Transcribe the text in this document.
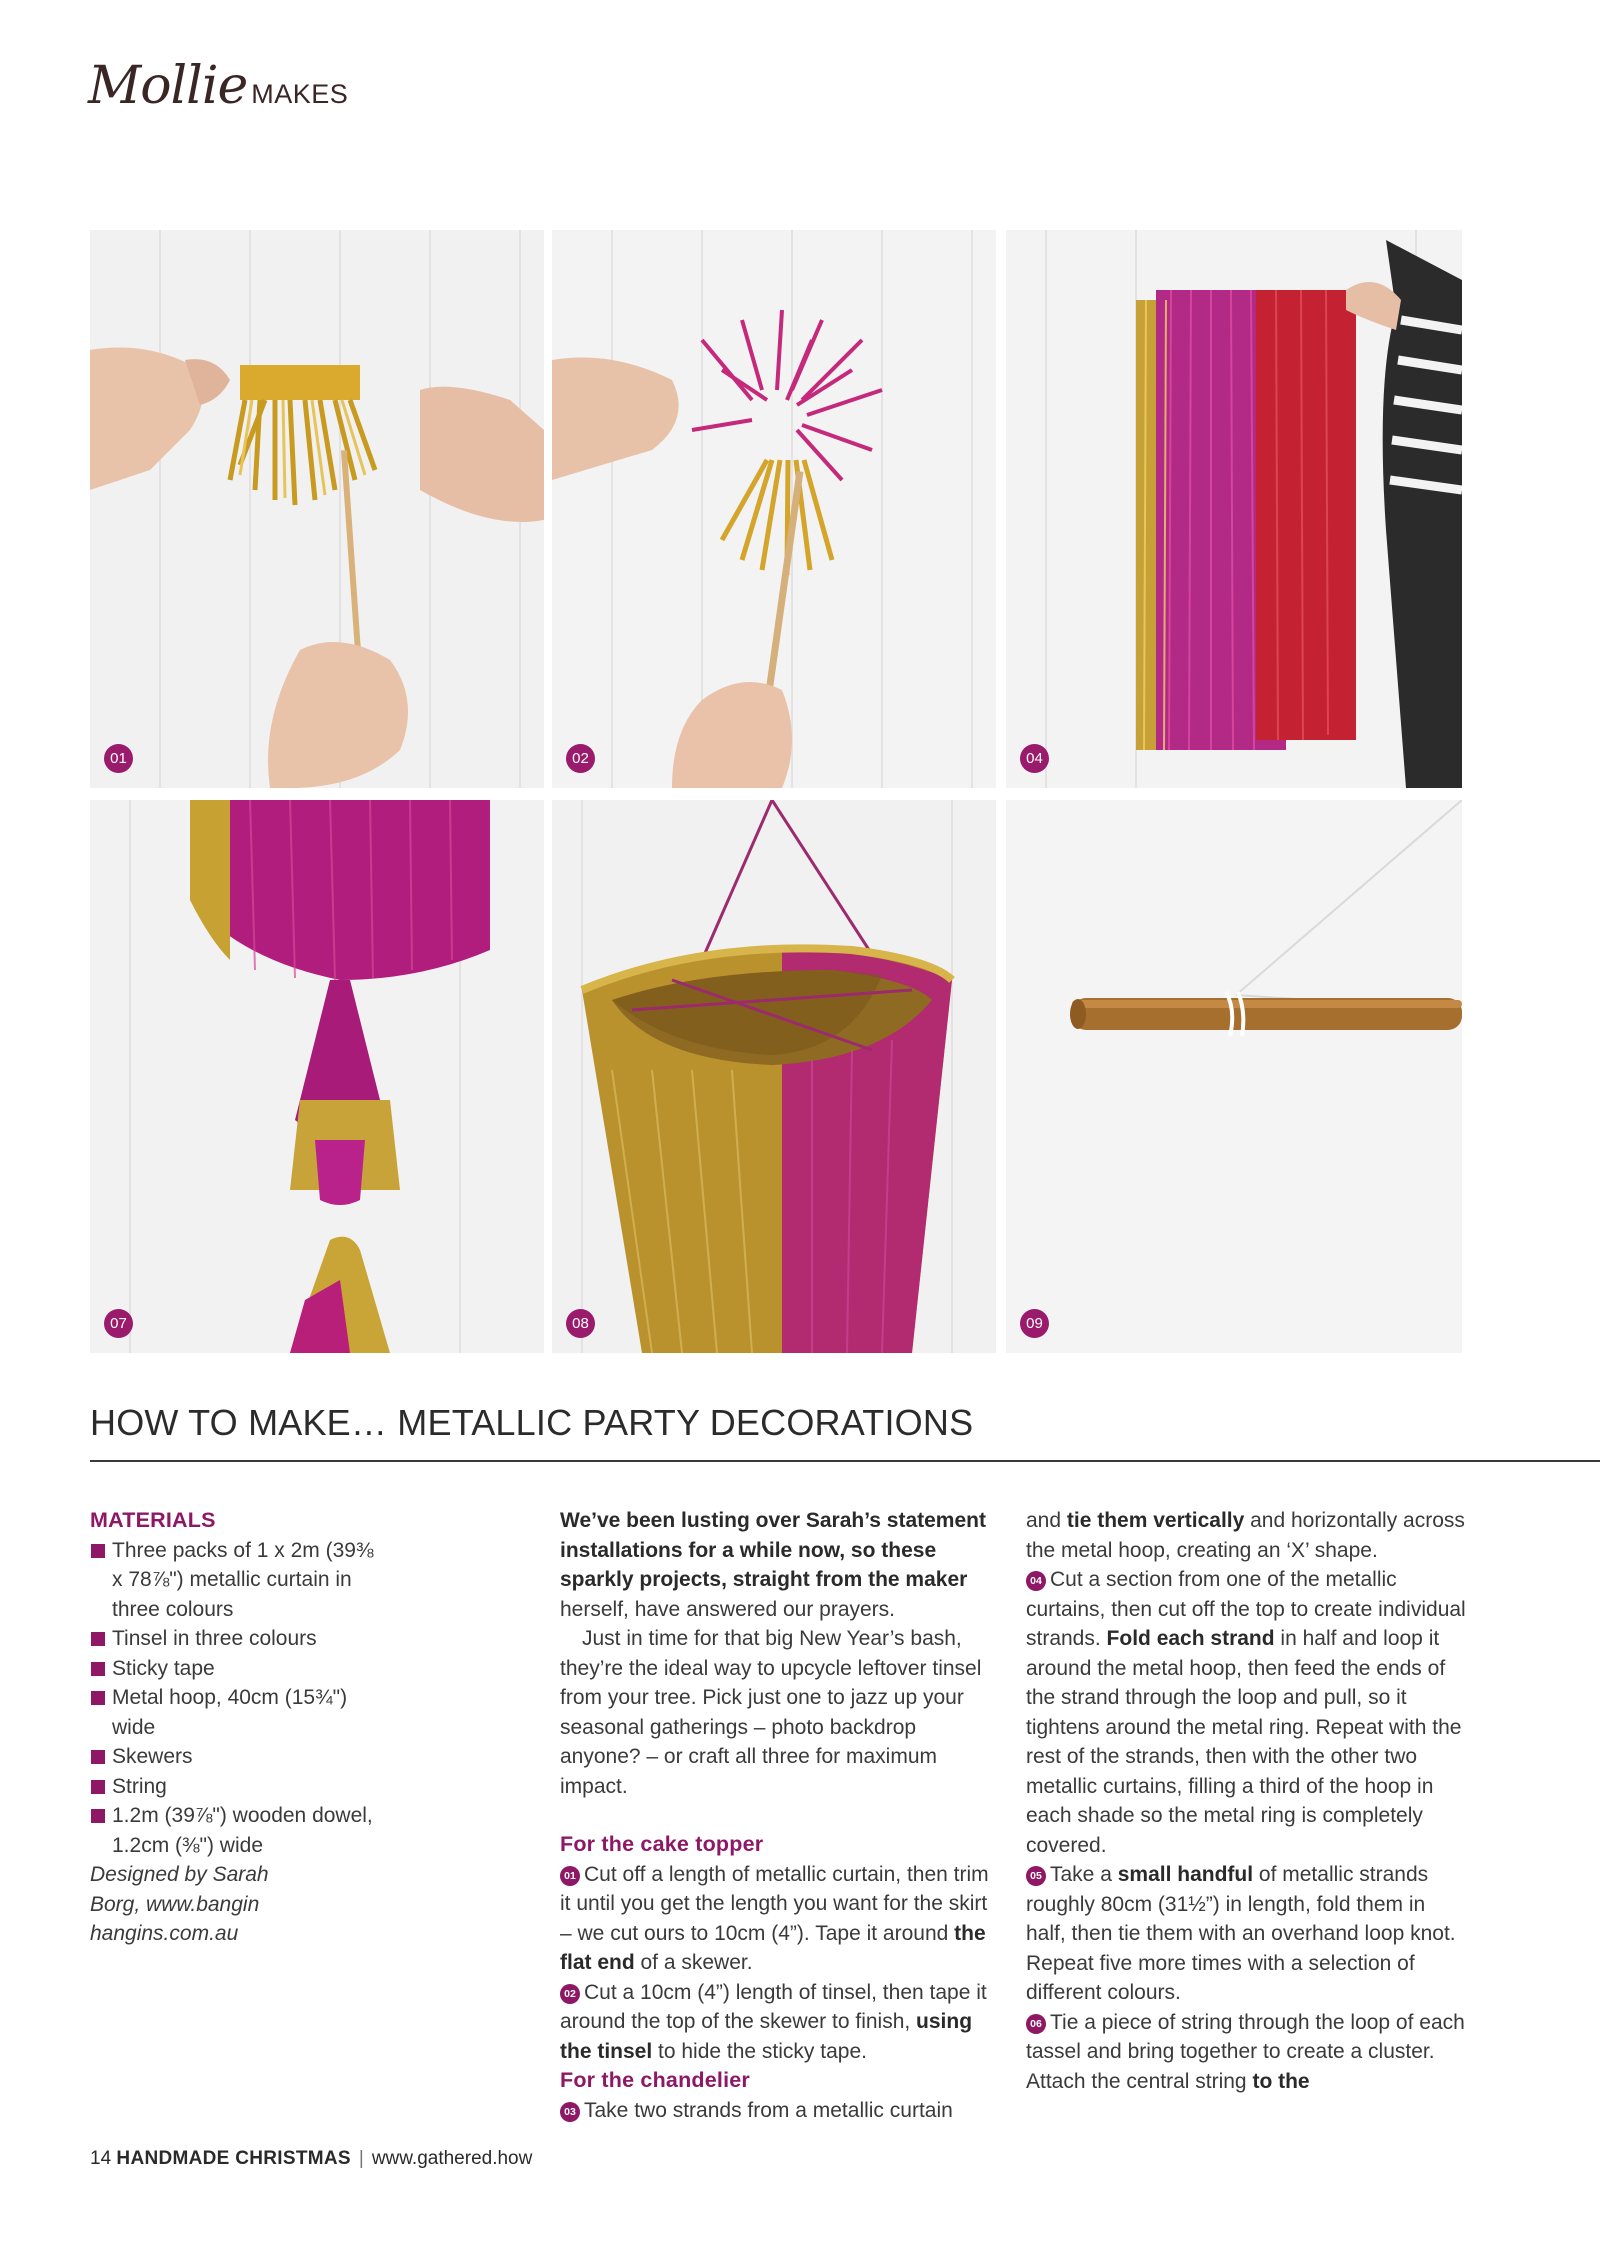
Mollie MAKES
01	02	04
07	08	09
HOW TO MAKE… METALLIC PARTY DECORATIONS

MATERIALS

Three packs of 1 x 2m (39⅜ x 78⅞") metallic curtain in three colours
Tinsel in three colours
Sticky tape
Metal hoop, 40cm (15¾") wide
Skewers
String
1.2m (39⅞") wooden dowel, 1.2cm (⅜") wide

Designed by Sarah Borg, www.bangin hangins.com.au

We’ve been lusting over Sarah’s statement installations for a while now, so these sparkly projects, straight from the maker herself, have answered our prayers.

Just in time for that big New Year’s bash, they’re the ideal way to upcycle leftover tinsel from your tree. Pick just one to jazz up your seasonal gatherings – photo backdrop anyone? – or craft all three for maximum impact.

For the cake topper

01 Cut off a length of metallic curtain, then trim it until you get the length you want for the skirt – we cut ours to 10cm (4”). Tape it around the flat end of a skewer.

02 Cut a 10cm (4”) length of tinsel, then tape it around the top of the skewer to finish, using the tinsel to hide the sticky tape.

For the chandelier

03 Take two strands from a metallic curtain

and tie them vertically and horizontally across the metal hoop, creating an ‘X’ shape.

04 Cut a section from one of the metallic curtains, then cut off the top to create individual strands. Fold each strand in half and loop it around the metal hoop, then feed the ends of the strand through the loop and pull, so it tightens around the metal ring. Repeat with the rest of the strands, then with the other two metallic curtains, filling a third of the hoop in each shade so the metal ring is completely covered.

05 Take a small handful of metallic strands roughly 80cm (31½”) in length, fold them in half, then tie them with an overhand loop knot. Repeat five more times with a selection of different colours.

06 Tie a piece of string through the loop of each tassel and bring together to create a cluster. Attach the central string to the

14 HANDMADE CHRISTMAS | www.gathered.how
